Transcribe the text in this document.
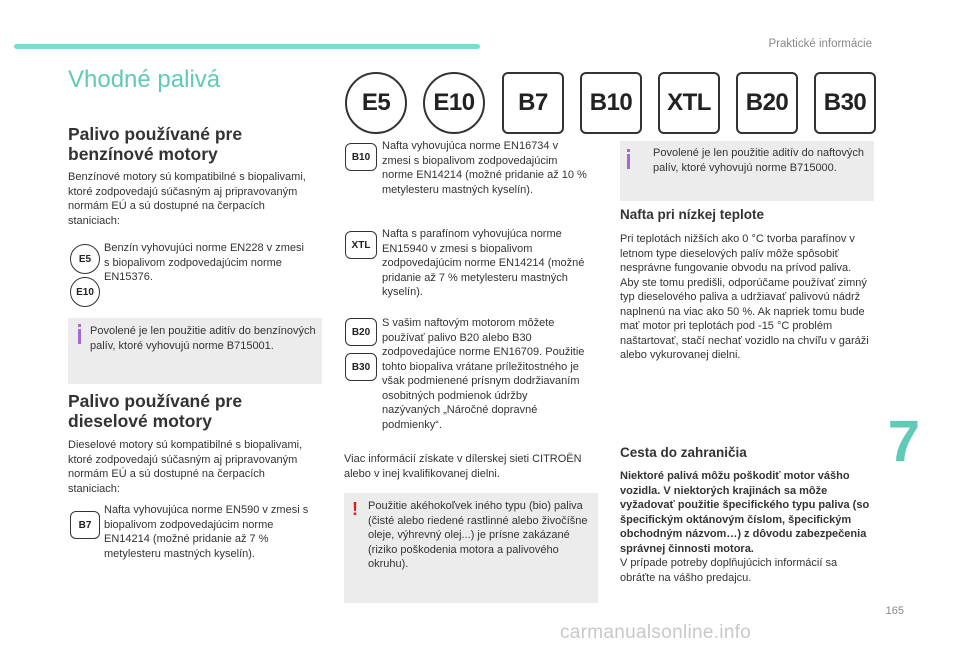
Praktické informácie
Vhodné palivá
E5 E10 B7 B10 XTL B20 B30
Palivo používané pre
benzínové motory

Benzínové motory sú kompatibilné s biopalivami, ktoré zodpovedajú súčasným aj pripravovaným normám EÚ a sú dostupné na čerpacích staniciach:

E5
E10

Benzín vyhovujúci norme EN228 v zmesi s biopalivom zodpovedajúcim norme EN15376.

Povolené je len použitie aditív do benzínových palív, ktoré vyhovujú norme B715001.

Palivo používané pre
dieselové motory

Dieselové motory sú kompatibilné s biopalivami, ktoré zodpovedajú súčasným aj pripravovaným normám EÚ a sú dostupné na čerpacích staniciach:

B7

Nafta vyhovujúca norme EN590 v zmesi s biopalivom zodpovedajúcim norme EN14214 (možné pridanie až 7 % metylesteru mastných kyselín).

B10

Nafta vyhovujúca norme EN16734 v zmesi s biopalivom zodpovedajúcim norme EN14214 (možné pridanie až 10 % metylesteru mastných kyselín).

XTL

Nafta s parafínom vyhovujúca norme EN15940 v zmesi s biopalivom zodpovedajúcim norme EN14214 (možné pridanie až 7 % metylesteru mastných kyselín).

B20
B30

S vašim naftovým motorom môžete používať palivo B20 alebo B30 zodpovedajúce norme EN16709. Použitie tohto biopaliva vrátane príležitostného je však podmienené prísnym dodržiavaním osobitných podmienok údržby nazývaných „Náročné dopravné podmienky“.

Viac informácií získate v dílerskej sieti CITROËN alebo v inej kvalifikovanej dielni.

! Použitie akéhokoľvek iného typu (bio) paliva (čisté alebo riedené rastlinné alebo živočíšne oleje, výhrevný olej...) je prísne zakázané (riziko poškodenia motora a palivového okruhu).

Povolené je len použitie aditív do naftových palív, ktoré vyhovujú norme B715000.

Nafta pri nízkej teplote

Pri teplotách nižších ako 0 °C tvorba parafínov v letnom type dieselových palív môže spôsobiť nesprávne fungovanie obvodu na prívod paliva. Aby ste tomu predišli, odporúčame používať zimný typ dieselového paliva a udržiavať palivovú nádrž naplnenú na viac ako 50 %. Ak napriek tomu bude mať motor pri teplotách pod -15 °C problém naštartovať, stačí nechať vozidlo na chvíľu v garáži alebo vykurovanej dielni.

Cesta do zahraničia

Niektoré palivá môžu poškodiť motor vášho vozidla. V niektorých krajinách sa môže vyžadovať použitie špecifického typu paliva (so špecifickým oktánovým číslom, špecifickým obchodným názvom…) z dôvodu zabezpečenia správnej činnosti motora.

V prípade potreby doplňujúcich informácií sa obráťte na vášho predajcu.

7
165
carmanualsonline.info
